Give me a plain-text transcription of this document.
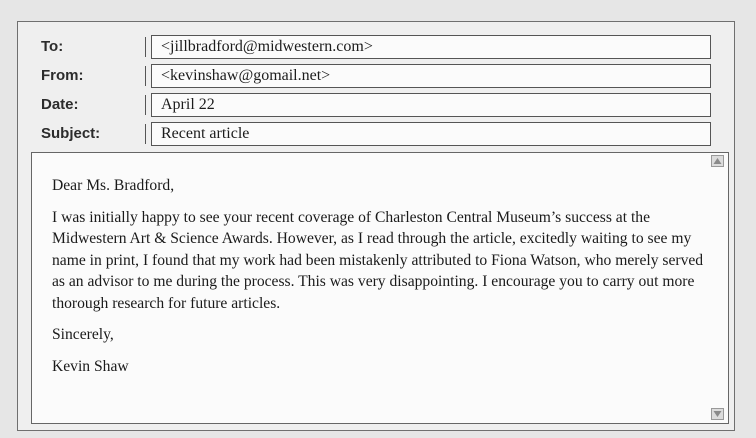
To:	<jillbradford@midwestern.com>
From:	<kevinshaw@gomail.net>
Date:	April 22
Subject:	Recent article

Dear Ms. Bradford,

I was initially happy to see your recent coverage of Charleston Central Museum’s success at the Midwestern Art & Science Awards. However, as I read through the article, excitedly waiting to see my name in print, I found that my work had been mistakenly attributed to Fiona Watson, who merely served as an advisor to me during the process. This was very disappointing. I encourage you to carry out more thorough research for future articles.

Sincerely,

Kevin Shaw
